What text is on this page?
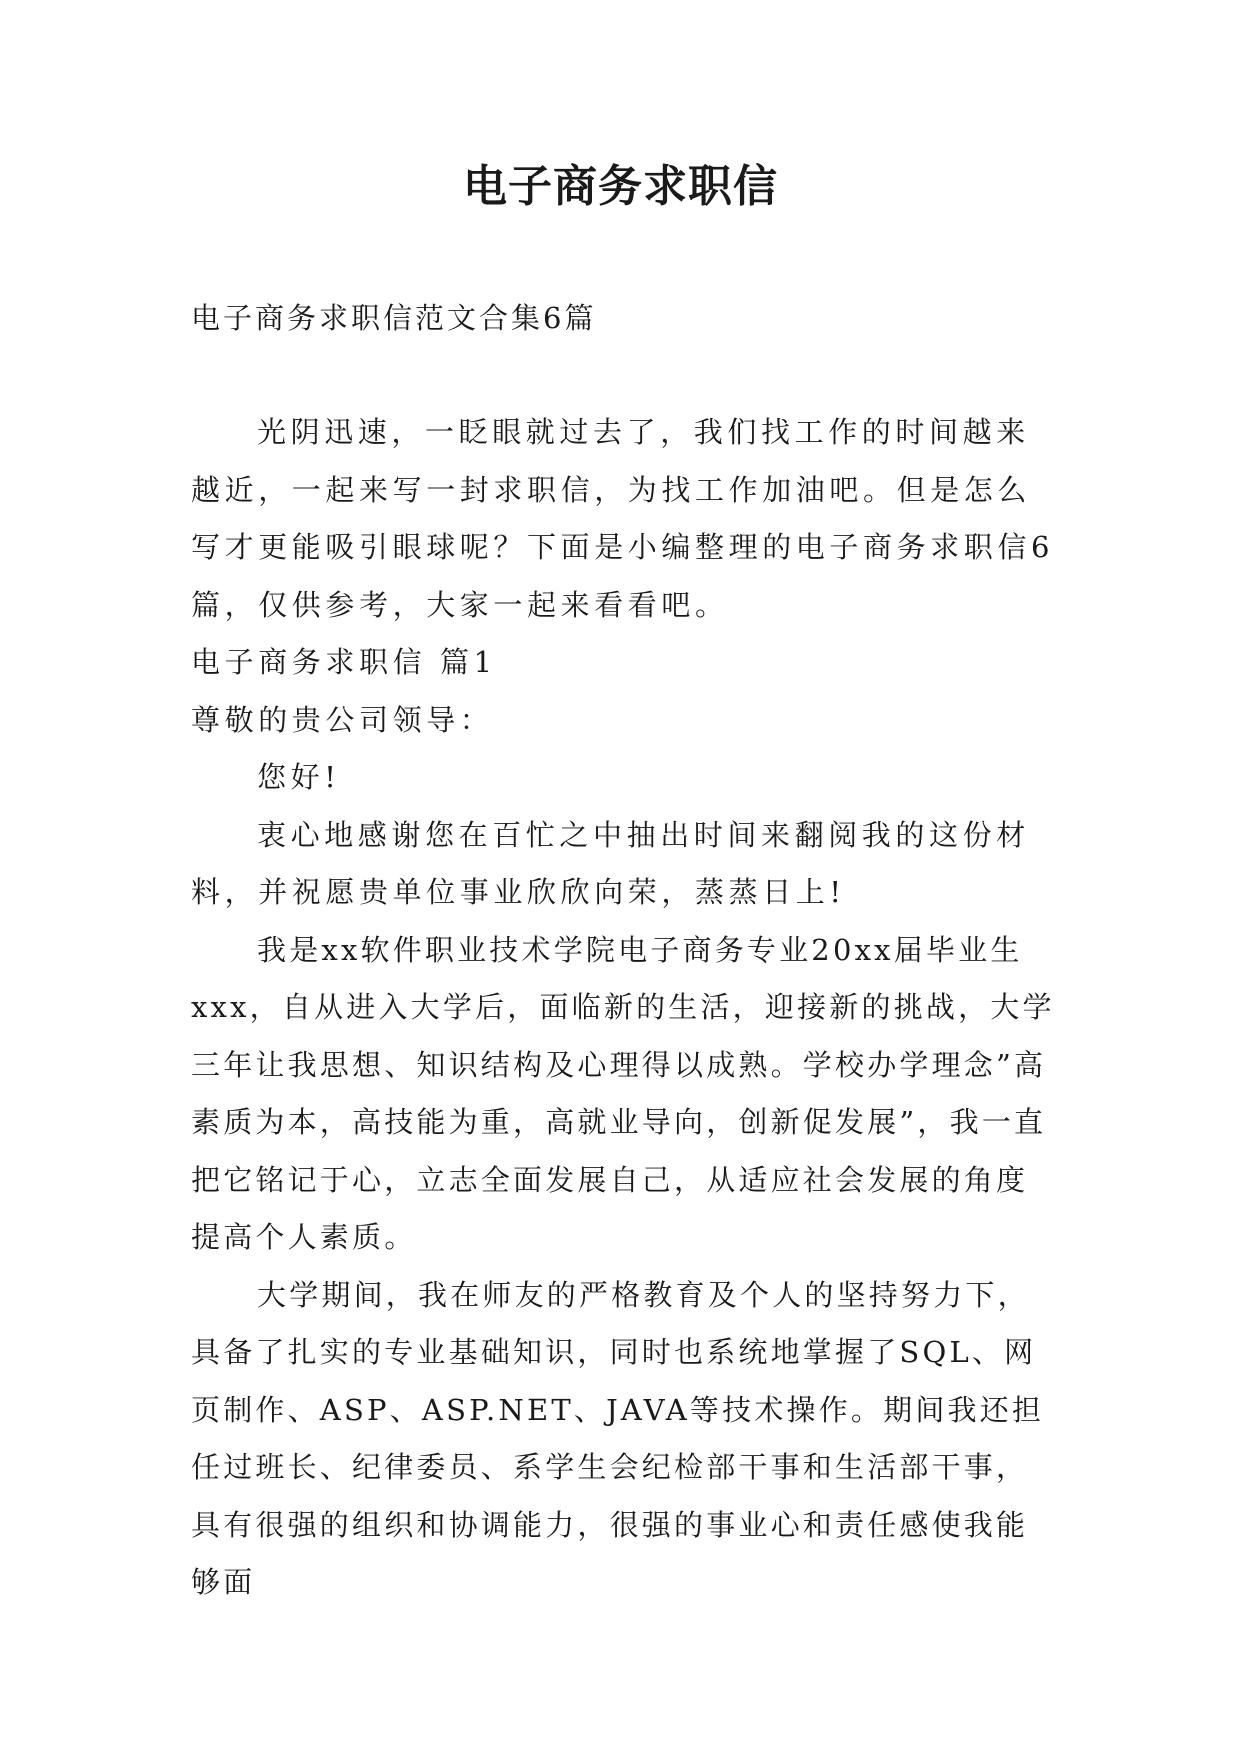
电子商务求职信

电子商务求职信范文合集6篇

光阴迅速，一眨眼就过去了，我们找工作的时间越来越近，一起来写一封求职信，为找工作加油吧。但是怎么写才更能吸引眼球呢？下面是小编整理的电子商务求职信6篇，仅供参考，大家一起来看看吧。

电子商务求职信 篇1

尊敬的贵公司领导：

您好!

衷心地感谢您在百忙之中抽出时间来翻阅我的这份材料，并祝愿贵单位事业欣欣向荣，蒸蒸日上!

我是xx软件职业技术学院电子商务专业20xx届毕业生xxx，自从进入大学后，面临新的生活，迎接新的挑战，大学三年让我思想、知识结构及心理得以成熟。学校办学理念”高素质为本，高技能为重，高就业导向，创新促发展”，我一直把它铭记于心，立志全面发展自己，从适应社会发展的角度提高个人素质。

大学期间，我在师友的严格教育及个人的坚持努力下，具备了扎实的专业基础知识，同时也系统地掌握了SQL、网页制作、ASP、ASP.NET、JAVA等技术操作。期间我还担任过班长、纪律委员、系学生会纪检部干事和生活部干事，具有很强的组织和协调能力，很强的事业心和责任感使我能够面
